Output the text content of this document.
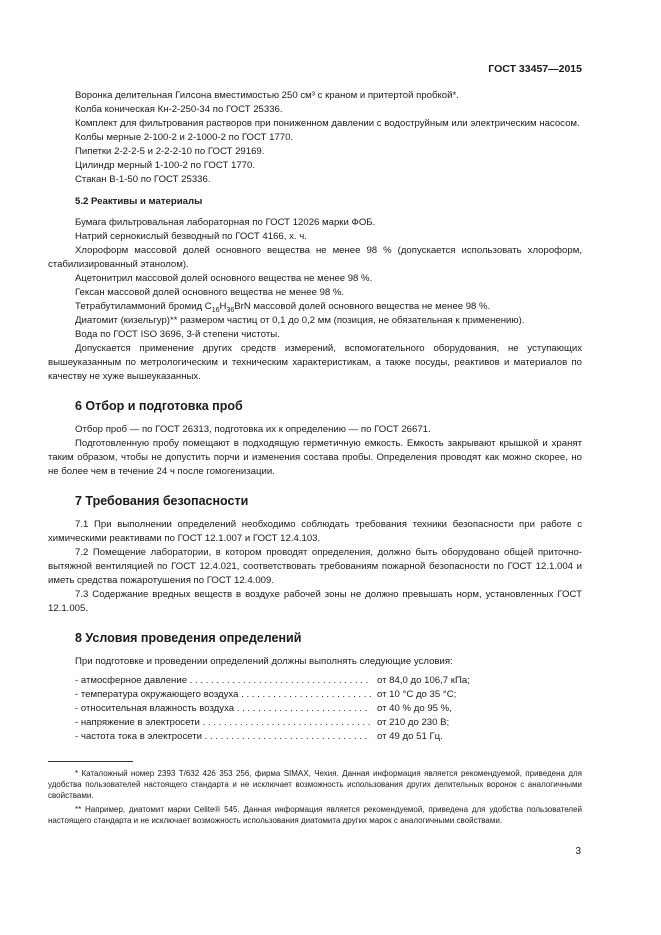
ГОСТ 33457—2015

Воронка делительная Гилсона вместимостью 250 см³ с краном и притертой пробкой*.

Колба коническая Кн-2-250-34 по ГОСТ 25336.

Комплект для фильтрования растворов при пониженном давлении с водоструйным или электрическим насосом.

Колбы мерные 2-100-2 и 2-1000-2 по ГОСТ 1770.

Пипетки 2-2-2-5 и 2-2-2-10 по ГОСТ 29169.

Цилиндр мерный 1-100-2 по ГОСТ 1770.

Стакан В-1-50 по ГОСТ 25336.

5.2 Реактивы и материалы

Бумага фильтровальная лабораторная по ГОСТ 12026 марки ФОБ.

Натрий сернокислый безводный по ГОСТ 4166, х. ч.

Хлороформ массовой долей основного вещества не менее 98 % (допускается использовать хлороформ, стабилизированный этанолом).

Ацетонитрил массовой долей основного вещества не менее 98 %.

Гексан массовой долей основного вещества не менее 98 %.

Тетрабутиламмоний бромид $C_{16}H_{36}BrN$ массовой долей основного вещества не менее 98 %.

Диатомит (кизельгур)** размером частиц от 0,1 до 0,2 мм (позиция, не обязательная к применению).

Вода по ГОСТ ISO 3696, 3-й степени чистоты.

Допускается применение других средств измерений, вспомогательного оборудования, не уступающих вышеуказанным по метрологическим и техническим характеристикам, а также посуды, реактивов и материалов по качеству не хуже вышеуказанных.

6 Отбор и подготовка проб

Отбор проб — по ГОСТ 26313, подготовка их к определению — по ГОСТ 26671.

Подготовленную пробу помещают в подходящую герметичную емкость. Емкость закрывают крышкой и хранят таким образом, чтобы не допустить порчи и изменения состава пробы. Определения проводят как можно скорее, но не более чем в течение 24 ч после гомогенизации.

7 Требования безопасности

7.1 При выполнении определений необходимо соблюдать требования техники безопасности при работе с химическими реактивами по ГОСТ 12.1.007 и ГОСТ 12.4.103.

7.2 Помещение лаборатории, в котором проводят определения, должно быть оборудовано общей приточно-вытяжной вентиляцией по ГОСТ 12.4.021, соответствовать требованиям пожарной безопасности по ГОСТ 12.1.004 и иметь средства пожаротушения по ГОСТ 12.4.009.

7.3 Содержание вредных веществ в воздухе рабочей зоны не должно превышать норм, установленных ГОСТ 12.1.005.

8 Условия проведения определений

При подготовке и проведении определений должны выполнять следующие условия:

- атмосферное давление . . .	от 84,0 до 106,7 кПа;
- температура окружающего воздуха . . .	от 10 °С до 35 °С;
- относительная влажность воздуха . . .	от 40 % до 95 %,
- напряжение в электросети . . .	от 210 до 230 В;
- частота тока в электросети . . .	от 49 до 51 Гц.

* Каталожный номер 2393 Т/632 426 353 256, фирма SIMAX, Чехия. Данная информация является рекомендуемой, приведена для удобства пользователей настоящего стандарта и не исключает возможность использования других делительных воронок с аналогичными свойствами.

** Например, диатомит марки Celite® 545. Данная информация является рекомендуемой, приведена для удобства пользователей настоящего стандарта и не исключает возможность использования диатомита других марок с аналогичными свойствами.

3
